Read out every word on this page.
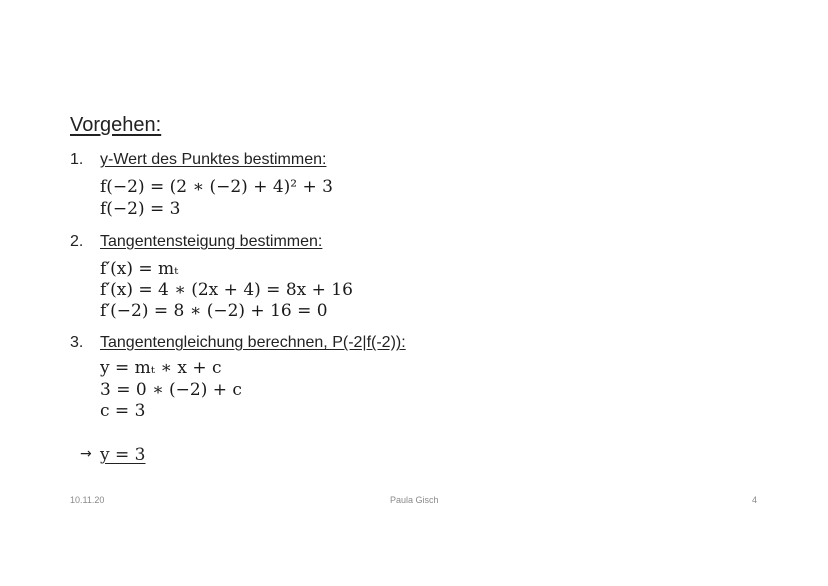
Vorgehen:
1. y-Wert des Punktes bestimmen:
f(−2) = (2 ∗ (−2) + 4)² + 3
f(−2) = 3
2. Tangentensteigung bestimmen:
f′(x) = mₜ
f′(x) = 4 ∗ (2x + 4) = 8x + 16
f′(−2) = 8 ∗ (−2) + 16 = 0
3. Tangentengleichung berechnen, P(-2|f(-2)):
y = mₜ ∗ x + c
3 = 0 ∗ (−2) + c
c = 3
→ y = 3
10.11.20	Paula Gisch	4
